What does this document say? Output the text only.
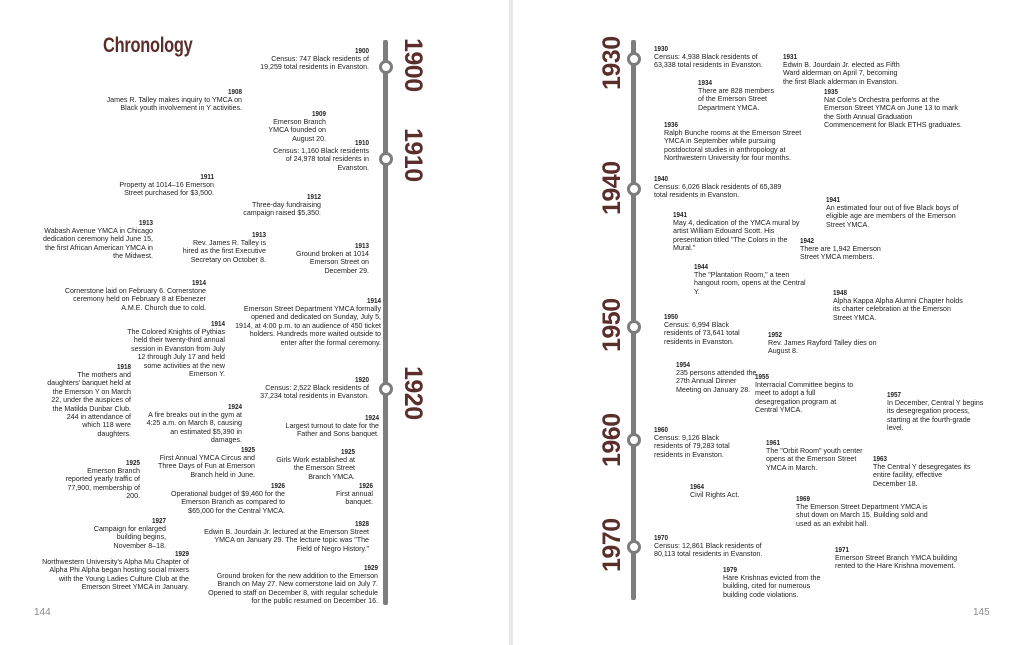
Chronology	1900
1910
1920
1900
Census: 747 Black residents of 19,259 total residents in Evanston.
1908
James R. Talley makes inquiry to YMCA on Black youth involvement in Y activities.
1909
Emerson Branch YMCA founded on August 20.	1910
Census: 1,160 Black residents of 24,978 total residents in Evanston.
1911
Property at 1014–16 Emerson Street purchased for $3,500.	1912
Three-day fundraising campaign raised $5,350.
1913
Wabash Avenue YMCA in Chicago dedication ceremony held June 15, the first African American YMCA in the Midwest.
1913
Rev. James R. Talley is hired as the first Executive Secretary on October 8.
1913
Ground broken at 1014 Emerson Street on December 29.
1914
Cornerstone laid on February 6. Cornerstone ceremony held on February 8 at Ebenezer A.M.E. Church due to cold.
1914
Emerson Street Department YMCA formally opened and dedicated on Sunday, July 5, 1914, at 4:00 p.m. to an audience of 450 ticket holders. Hundreds more waited outside to enter after the formal ceremony.
1914
The Colored Knights of Pythias held their twenty-third annual session in Evanston from July 12 through July 17 and held some activities at the new Emerson Y.
1918
The mothers and daughters' banquet held at the Emerson Y on March 22, under the auspices of the Matilda Dunbar Club. 244 in attendance of which 118 were daughters.
1920
Census: 2,522 Black residents of 37,234 total residents in Evanston.
1924
A fire breaks out in the gym at 4:25 a.m. on March 8, causing an estimated $5,390 in damages.
1924
Largest turnout to date for the Father and Sons banquet.
1925
First Annual YMCA Circus and Three Days of Fun at Emerson Branch held in June.
1925
Emerson Branch reported yearly traffic of 77,900, membership of 200.
1925
Girls Work established at the Emerson Street Branch YMCA.
1926
Operational budget of $9,460 for the Emerson Branch as compared to $65,000 for the Central YMCA.
1926
First annual banquet.
1927
Campaign for enlarged building begins, November 8–18.
1928
Edwin B. Jourdain Jr. lectured at the Emerson Street YMCA on January 29. The lecture topic was "The Field of Negro History."
1929
Northwestern University's Alpha Mu Chapter of Alpha Phi Alpha began hosting social mixers with the Young Ladies Culture Club at the Emerson Street YMCA in January.
1929
Ground broken for the new addition to the Emerson Branch on May 27. New cornerstone laid on July 7. Opened to staff on December 8, with regular schedule for the public resumed on December 16.
144
1930
1940
1950
1960
1970
1930
Census: 4,938 Black residents of 63,338 total residents in Evanston.
1931
Edwin B. Jourdain Jr. elected as Fifth Ward alderman on April 7, becoming the first Black alderman in Evanston.
1934
There are 828 members of the Emerson Street Department YMCA.
1935
Nat Cole's Orchestra performs at the Emerson Street YMCA on June 13 to mark the Sixth Annual Graduation Commencement for Black ETHS graduates.
1936
Ralph Bunche rooms at the Emerson Street YMCA in September while pursuing postdoctoral studies in anthropology at Northwestern University for four months.
1940
Census: 6,026 Black residents of 65,389 total residents in Evanston.	1941
An estimated four out of five Black boys of eligible age are members of the Emerson Street YMCA.
1941
May 4, dedication of the YMCA mural by artist William Edouard Scott. His presentation titled "The Colors in the Mural."
1942
There are 1,942 Emerson Street YMCA members.
1944
The "Plantation Room," a teen hangout room, opens at the Central Y.	1948
Alpha Kappa Alpha Alumni Chapter holds its charter celebration at the Emerson Street YMCA.
1950
Census: 6,994 Black residents of 73,641 total residents in Evanston.
1952
Rev. James Rayford Talley dies on August 8.
1954
235 persons attended the 27th Annual Dinner Meeting on January 28.
1955
Interracial Committee begins to meet to adopt a full desegregation program at Central YMCA.
1957
In December, Central Y begins its desegregation process, starting at the fourth-grade level.
1960
Census: 9,126 Black residents of 79,283 total residents in Evanston.
1961
The "Orbit Room" youth center opens at the Emerson Street YMCA in March.
1963
The Central Y desegregates its entire facility, effective December 18.
1964
Civil Rights Act.	1969
The Emerson Street Department YMCA is shut down on March 15. Building sold and used as an exhibit hall.
1970
Census: 12,861 Black residents of 80,113 total residents in Evanston.
1971
Emerson Street Branch YMCA building rented to the Hare Krishna movement.
1979
Hare Krishnas evicted from the building, cited for numerous building code violations.
145
